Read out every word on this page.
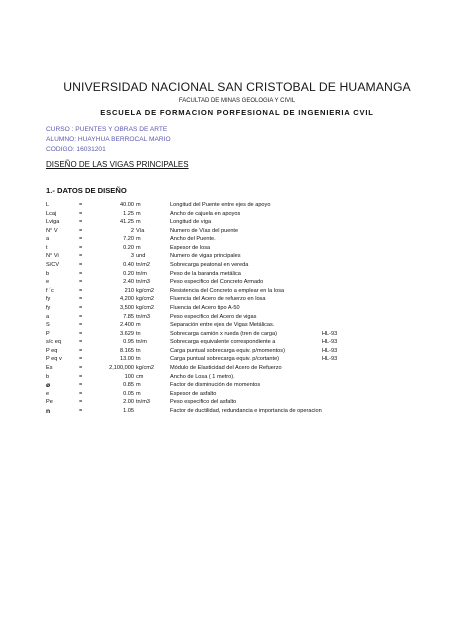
UNIVERSIDAD NACIONAL SAN CRISTOBAL DE HUAMANGA
FACULTAD DE MINAS GEOLOGIA Y CIVIL
ESCUELA DE FORMACION PORFESIONAL DE INGENIERIA CVIL
CURSO : PUENTES Y OBRAS DE ARTE
ALUMNO: HUAYHUA BERROCAL MARIO
CODIGO: 16031201
DISEÑO DE LAS VIGAS PRINCIPALES
1.- DATOS DE DISEÑO
L	=	40.00 m	Longitud del Puente entre ejes de apoyo
Lcaj	=	1.25 m	Ancho de cajuela en apoyos
Lviga	=	41.25 m	Longitud de viga
N° V	=	2 Vía	Numero de Vías del puente
a	=	7.20 m	Ancho del Puente.
t	=	0.20 m	Espesor de losa
N° Vi	=	3 und	Numero de vigas principales
S/CV	=	0.40 tn/m2	Sobrecarga peatonal en vereda
b	=	0.20 tn/m	Peso de la baranda metálica
e	=	2.40 tn/m3	Peso especifico del Concreto Armado
f ´c	=	210 kg/cm2	Resistencia del Concreto a emplear en la losa
fy	=	4,200 kg/cm2	Fluencia del Acero de refuerzo en losa
fy	=	3,500 kg/cm2	Fluencia del Acero tipo A-50
a	=	7.85 tn/m3	Peso especifico del Acero de vigas
S	=	2.400 m	Separación entre ejes de Vigas Metálicas.
P	=	3.629 tn	Sobrecarga camión x rueda (tren de carga)	HL-93
s/c eq	=	0.95 tn/m	Sobrecarga equivalente correspondiente a	HL-93
P eq	=	8.165 tn	Carga puntual sobrecarga equiv. p/momentos)	HL-93
P eq v	=	13.00 tn	Carga puntual sobrecarga equiv. p/cortante)	HL-93
Es	=	2,100,000 kg/cm2	Módulo de Elasticidad del Acero de Refuerzo
b	=	100 cm	Ancho de Losa ( 1 metro).
ø	=	0.85 m	Factor de disminución de momentos
e	=	0.05 m	Espesor de asfalto
Pe	=	2.00 tn/m3	Peso especifico del asfalto
n	=	1.05	Factor de ductilidad, redundancia e importancia de operacion
